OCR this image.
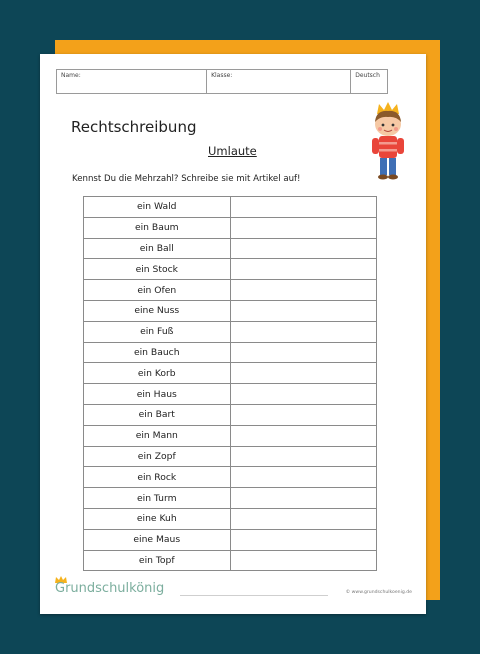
Name:	Klasse:	Deutsch
Rechtschreibung
Umlaute
Kennst Du die Mehrzahl? Schreibe sie mit Artikel auf!
ein Wald	
ein Baum	
ein Ball	
ein Stock	
ein Ofen	
eine Nuss	
ein Fuß	
ein Bauch	
ein Korb	
ein Haus	
ein Bart	
ein Mann	
ein Zopf	
ein Rock	
ein Turm	
eine Kuh	
eine Maus	
ein Topf	
Grundschulkönig	© www.grundschulkoenig.de
